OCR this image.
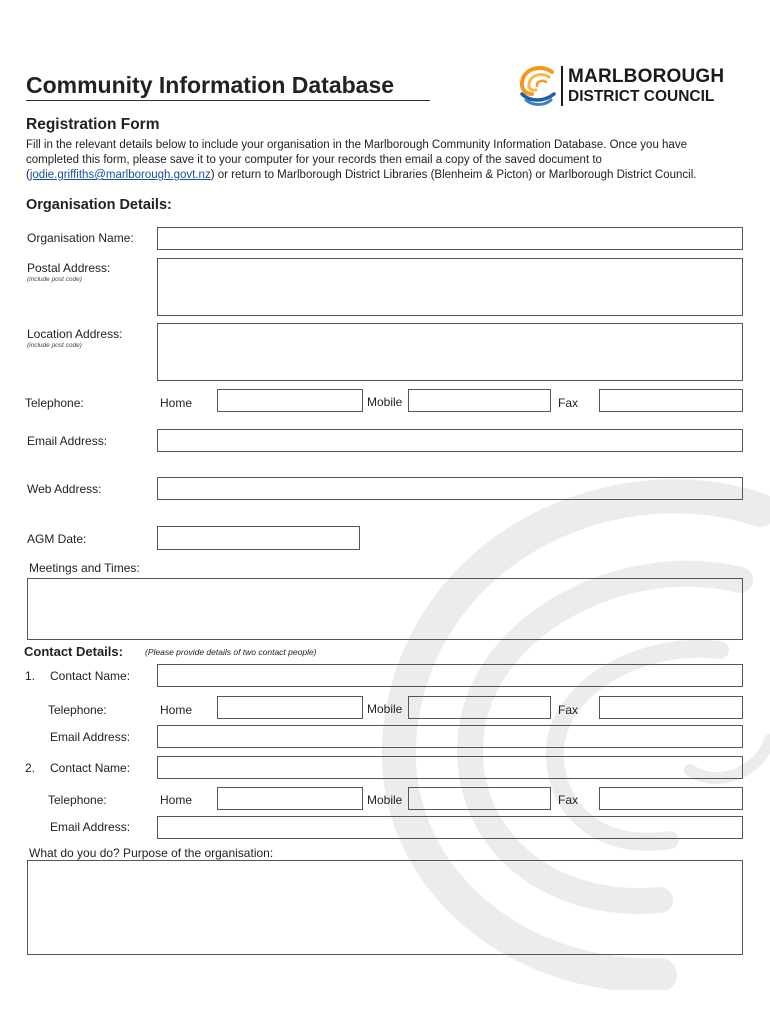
Community Information Database	MARLBOROUGH
DISTRICT COUNCIL
Registration Form
Fill in the relevant details below to include your organisation in the Marlborough Community Information Database. Once you have completed this form, please save it to your computer for your records then email a copy of the saved document to (jodie.griffiths@marlborough.govt.nz) or return to Marlborough District Libraries (Blenheim & Picton) or Marlborough District Council.
Organisation Details:
Organisation Name:
Postal Address:
(include post code)
Location Address:
(include post code)
Telephone:	Home	Mobile	Fax
Email Address:
Web Address:
AGM Date:
Meetings and Times:
Contact Details:	(Please provide details of two contact people)
1. Contact Name:
Telephone:	Home	Mobile	Fax
Email Address:
2. Contact Name:
Telephone:	Home	Mobile	Fax
Email Address:
What do you do? Purpose of the organisation:
